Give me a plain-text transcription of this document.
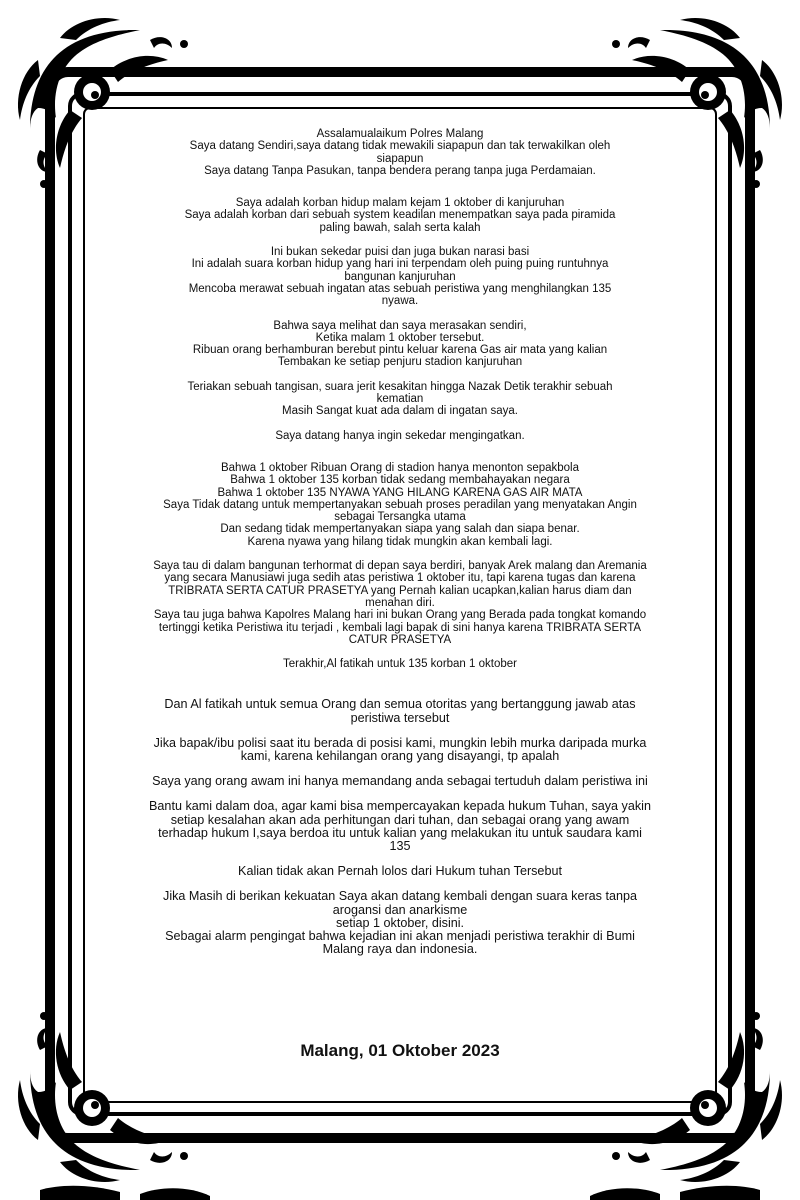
Assalamualaikum Polres Malang

Saya datang Sendiri,saya datang tidak mewakili siapapun dan tak terwakilkan oleh

siapapun

Saya datang Tanpa Pasukan, tanpa bendera perang tanpa juga Perdamaian.

Saya adalah korban hidup malam kejam 1 oktober di kanjuruhan

Saya adalah korban dari sebuah system keadilan menempatkan saya pada piramida

paling bawah, salah serta kalah

Ini bukan sekedar puisi dan juga bukan narasi basi

Ini adalah suara korban hidup yang hari ini terpendam oleh puing puing runtuhnya

bangunan kanjuruhan

Mencoba merawat sebuah ingatan atas sebuah peristiwa yang menghilangkan 135

nyawa.

Bahwa saya melihat dan saya merasakan sendiri,

Ketika malam 1 oktober tersebut.

Ribuan orang berhamburan berebut pintu keluar karena Gas air mata yang kalian

Tembakan ke setiap penjuru stadion kanjuruhan

Teriakan sebuah tangisan, suara jerit kesakitan hingga Nazak Detik terakhir sebuah

kematian

Masih Sangat kuat ada dalam di ingatan saya.

Saya datang hanya ingin sekedar mengingatkan.

Bahwa 1 oktober Ribuan Orang di stadion hanya menonton sepakbola

Bahwa 1 oktober 135 korban tidak sedang membahayakan negara

Bahwa 1 oktober 135 NYAWA YANG HILANG KARENA GAS AIR MATA

Saya Tidak datang untuk mempertanyakan sebuah proses peradilan yang menyatakan Angin

sebagai Tersangka utama

Dan sedang tidak mempertanyakan siapa yang salah dan siapa benar.

Karena nyawa yang hilang tidak mungkin akan kembali lagi.

Saya tau di dalam bangunan terhormat di depan saya berdiri, banyak Arek malang dan Aremania

yang secara Manusiawi juga sedih atas peristiwa 1 oktober itu, tapi karena tugas dan karena

TRIBRATA SERTA CATUR PRASETYA yang Pernah kalian ucapkan,kalian harus diam dan

menahan diri.

Saya tau juga bahwa Kapolres Malang hari ini bukan Orang yang Berada pada tongkat komando

tertinggi ketika Peristiwa itu terjadi , kembali lagi bapak di sini hanya karena TRIBRATA SERTA

CATUR PRASETYA

Terakhir,Al fatikah untuk 135 korban 1 oktober

Dan Al fatikah untuk semua Orang dan semua otoritas yang bertanggung jawab atas

peristiwa tersebut

Jika bapak/ibu polisi saat itu berada di posisi kami, mungkin lebih murka daripada murka

kami, karena kehilangan orang yang disayangi, tp apalah

Saya yang orang awam ini hanya memandang anda sebagai tertuduh dalam peristiwa ini

Bantu kami dalam doa, agar kami bisa mempercayakan kepada hukum Tuhan, saya yakin

setiap kesalahan akan ada perhitungan dari tuhan, dan sebagai orang yang awam

terhadap hukum I,saya berdoa itu untuk kalian yang melakukan itu untuk saudara kami

135

Kalian tidak akan Pernah lolos dari Hukum tuhan Tersebut

Jika Masih di berikan kekuatan Saya akan datang kembali dengan suara keras tanpa

arogansi dan anarkisme

setiap 1 oktober, disini.

Sebagai alarm pengingat bahwa kejadian ini akan menjadi peristiwa terakhir di Bumi

Malang raya dan indonesia.

Malang, 01 Oktober 2023
